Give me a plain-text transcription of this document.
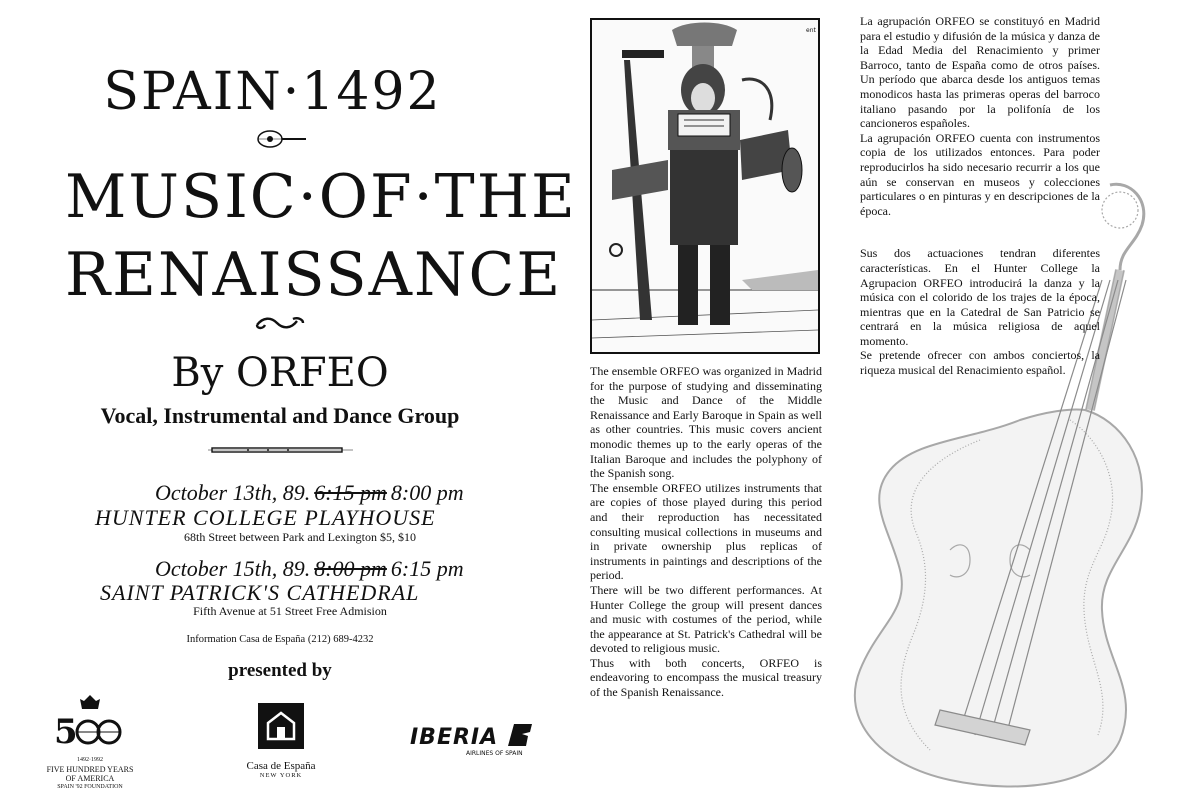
SPAIN·1492
MUSIC·OF·THE
RENAISSANCE
By ORFEO
Vocal, Instrumental and Dance Group
October 13th, 89. 6:15 pm 8:00 pm
HUNTER COLLEGE PLAYHOUSE
68th Street between Park and Lexington $5, $10
October 15th, 89. 8:00 pm 6:15 pm
SAINT PATRICK'S CATHEDRAL
Fifth Avenue at 51 Street Free Admision
Information Casa de España (212) 689-4232
presented by
5
1492·1992
FIVE HUNDRED YEARS
OF AMERICA
SPAIN '92 FOUNDATION
Casa de España
NEW YORK
IBERIA
AIRLINES OF SPAIN
ent

The ensemble ORFEO was organized in Madrid for the purpose of studying and disseminating the Music and Dance of the Middle Renaissance and Early Baroque in Spain as well as other countries. This music covers ancient monodic themes up to the early operas of the Italian Baroque and includes the polyphony of the Spanish song.

The ensemble ORFEO utilizes instruments that are copies of those played during this period and their reproduction has necessitated consulting musical collections in museums and in private ownership plus replicas of instruments in paintings and descriptions of the period.

There will be two different performances. At Hunter College the group will present dances and music with costumes of the period, while the appearance at St. Patrick's Cathedral will be devoted to religious music.

Thus with both concerts, ORFEO is endeavoring to encompass the musical treasury of the Spanish Renaissance.

La agrupación ORFEO se constituyó en Madrid para el estudio y difusión de la música y danza de la Edad Media del Renacimiento y primer Barroco, tanto de España como de otros países. Un período que abarca desde los antiguos temas monodicos hasta las primeras operas del barroco italiano pasando por la polifonía de los cancioneros españoles.

La agrupación ORFEO cuenta con instrumentos copia de los utilizados entonces. Para poder reproducirlos ha sido necesario recurrir a los que aún se conservan en museos y colecciones particulares o en pinturas y en descripciones de la época.

Sus dos actuaciones tendran diferentes características. En el Hunter College la Agrupacion ORFEO introducirá la danza y la música con el colorido de los trajes de la época, mientras que en la Catedral de San Patricio se centrará en la música religiosa de aquel momento.

Se pretende ofrecer con ambos conciertos, la riqueza musical del Renacimiento español.
